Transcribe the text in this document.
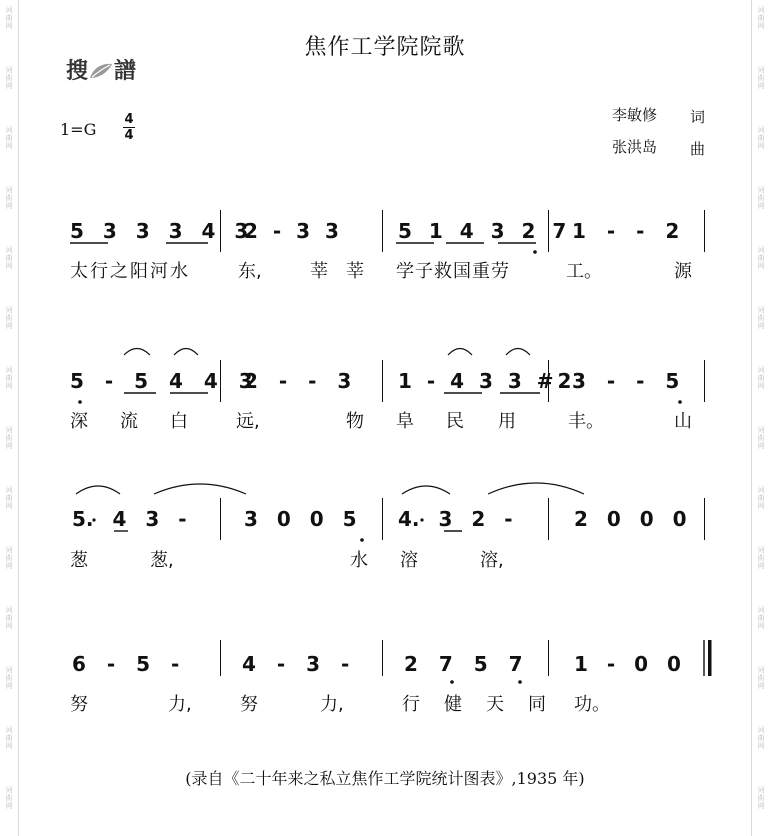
词曲网
词曲网
词曲网
词曲网
词曲网
词曲网
词曲网
词曲网
词曲网
词曲网
词曲网
词曲网
词曲网
词曲网
词曲网
词曲网
词曲网
词曲网
词曲网
词曲网
词曲网
词曲网
词曲网
词曲网
词曲网
词曲网
词曲网
词曲网
焦作工学院院歌
搜 譜
1=G
4
4
李敏修 词
张洪岛 曲
5 3 3 3 4 3
2 - 3 3	5 1 4 3 2 7 1 - - 2
太行之阳河水	东,	莘 莘 学子救国重劳	工。	源
5 - 5 4 4 3
2 - - 3 1 - 4 3 3 #2
3 - - 5
深 流 白	远,	物 阜 民 用	丰。	山
5. 4 3 -	3 0 0 5 4. 3 2 -	2 0 0 0
葱	葱,	水 溶	溶,
6 - 5 -	4 - 3 -	2 7 5 7	1 - 0 0
努	力,	努	力,	行 健 天 同 功。
(录自《二十年来之私立焦作工学院统计图表》,1935 年)
